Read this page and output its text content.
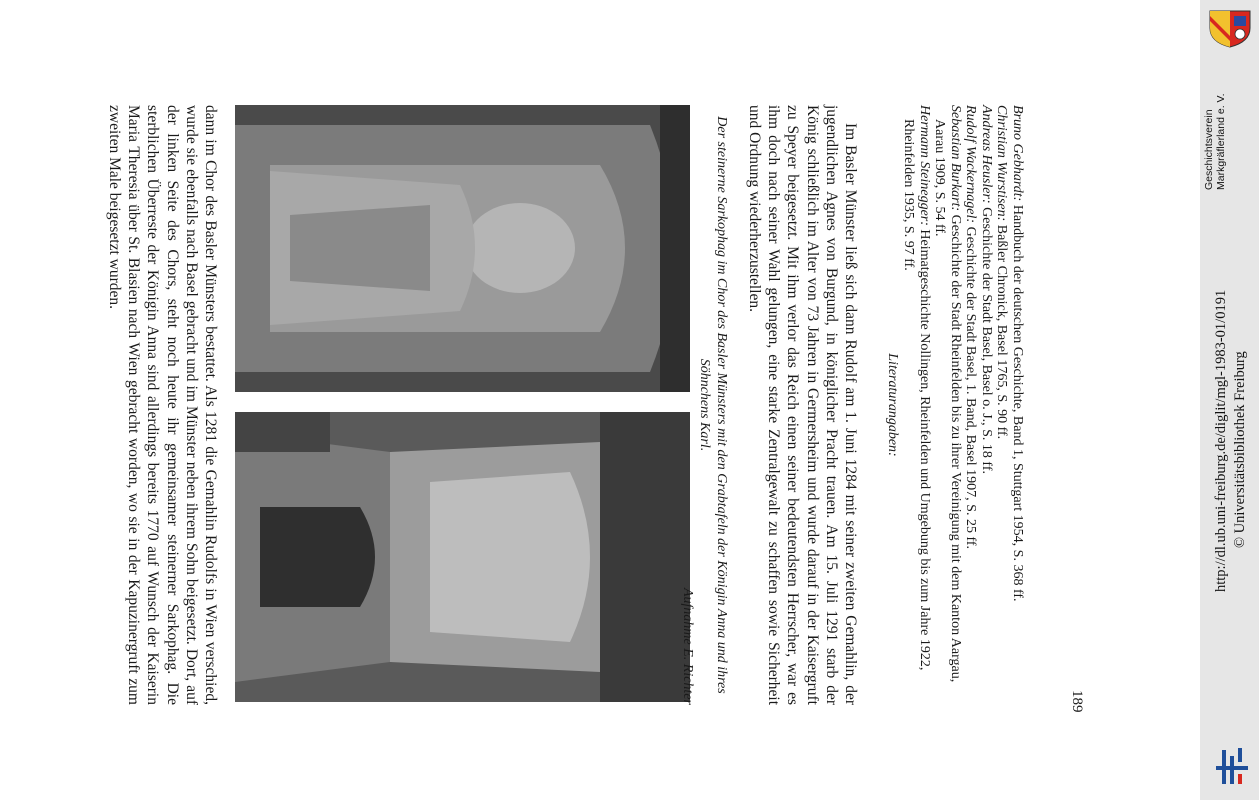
dann im Chor des Basler Münsters bestattet. Als 1281 die Gemahlin Rudolfs in Wien verschied, wurde sie ebenfalls nach Basel gebracht und im Münster neben ihrem Sohn beigesetzt. Dort, auf der linken Seite des Chors, steht noch heute ihr gemeinsamer steinerner Sarkophag. Die sterblichen Überreste der Königin Anna sind allerdings bereits 1770 auf Wunsch der Kaiserin Maria Theresia über St. Blasien nach Wien gebracht worden, wo sie in der Kapuzinergruft zum zweiten Male beigesetzt wurden.	Der steinerne Sarkophag im Chor des Basler Münsters mit den Grabtafeln der Königin Anna und ihres Söhnchens Karl.
Aufnahme E. Richter	Im Basler Münster ließ sich dann Rudolf am 1. Juni 1284 mit seiner zweiten Gemahlin, der jugendlichen Agnes von Burgund, in königlicher Pracht trauen. Am 15. Juli 1291 starb der König schließlich im Alter von 73 Jahren in Germersheim und wurde darauf in der Kaisergruft zu Speyer beigesetzt. Mit ihm verlor das Reich einen seiner bedeutendsten Herrscher, war es ihm doch nach seiner Wahl gelungen, eine starke Zentralgewalt zu schaffen sowie Sicherheit und Ordnung wiederherzustellen.

Literaturangaben:
Bruno Gebhardt: Handbuch der deutschen Geschichte, Band 1, Stuttgart 1954, S. 368 ff.
Christian Wurstisen: Baßler Chronick, Basel 1765, S. 90 ff.
Andreas Heusler: Geschichte der Stadt Basel, Basel o. J., S. 18 ff.
Rudolf Wackernagel: Geschichte der Stadt Basel, 1. Band, Basel 1907, S. 25 ff.
Sebastian Burkart: Geschichte der Stadt Rheinfelden bis zu ihrer Vereinigung mit dem Kanton Aargau, Aarau 1909, S. 54 ff.
Hermann Steinegger: Heimatgeschichte Nollingen, Rheinfelden und Umgebung bis zum Jahre 1922, Rheinfelden 1935, S. 97 ff.
189
Geschichtsverein Markgräflerland e. V.
http://dl.ub.uni-freiburg.de/diglit/mgl-1983-01/0191 © Universitätsbibliothek Freiburg
